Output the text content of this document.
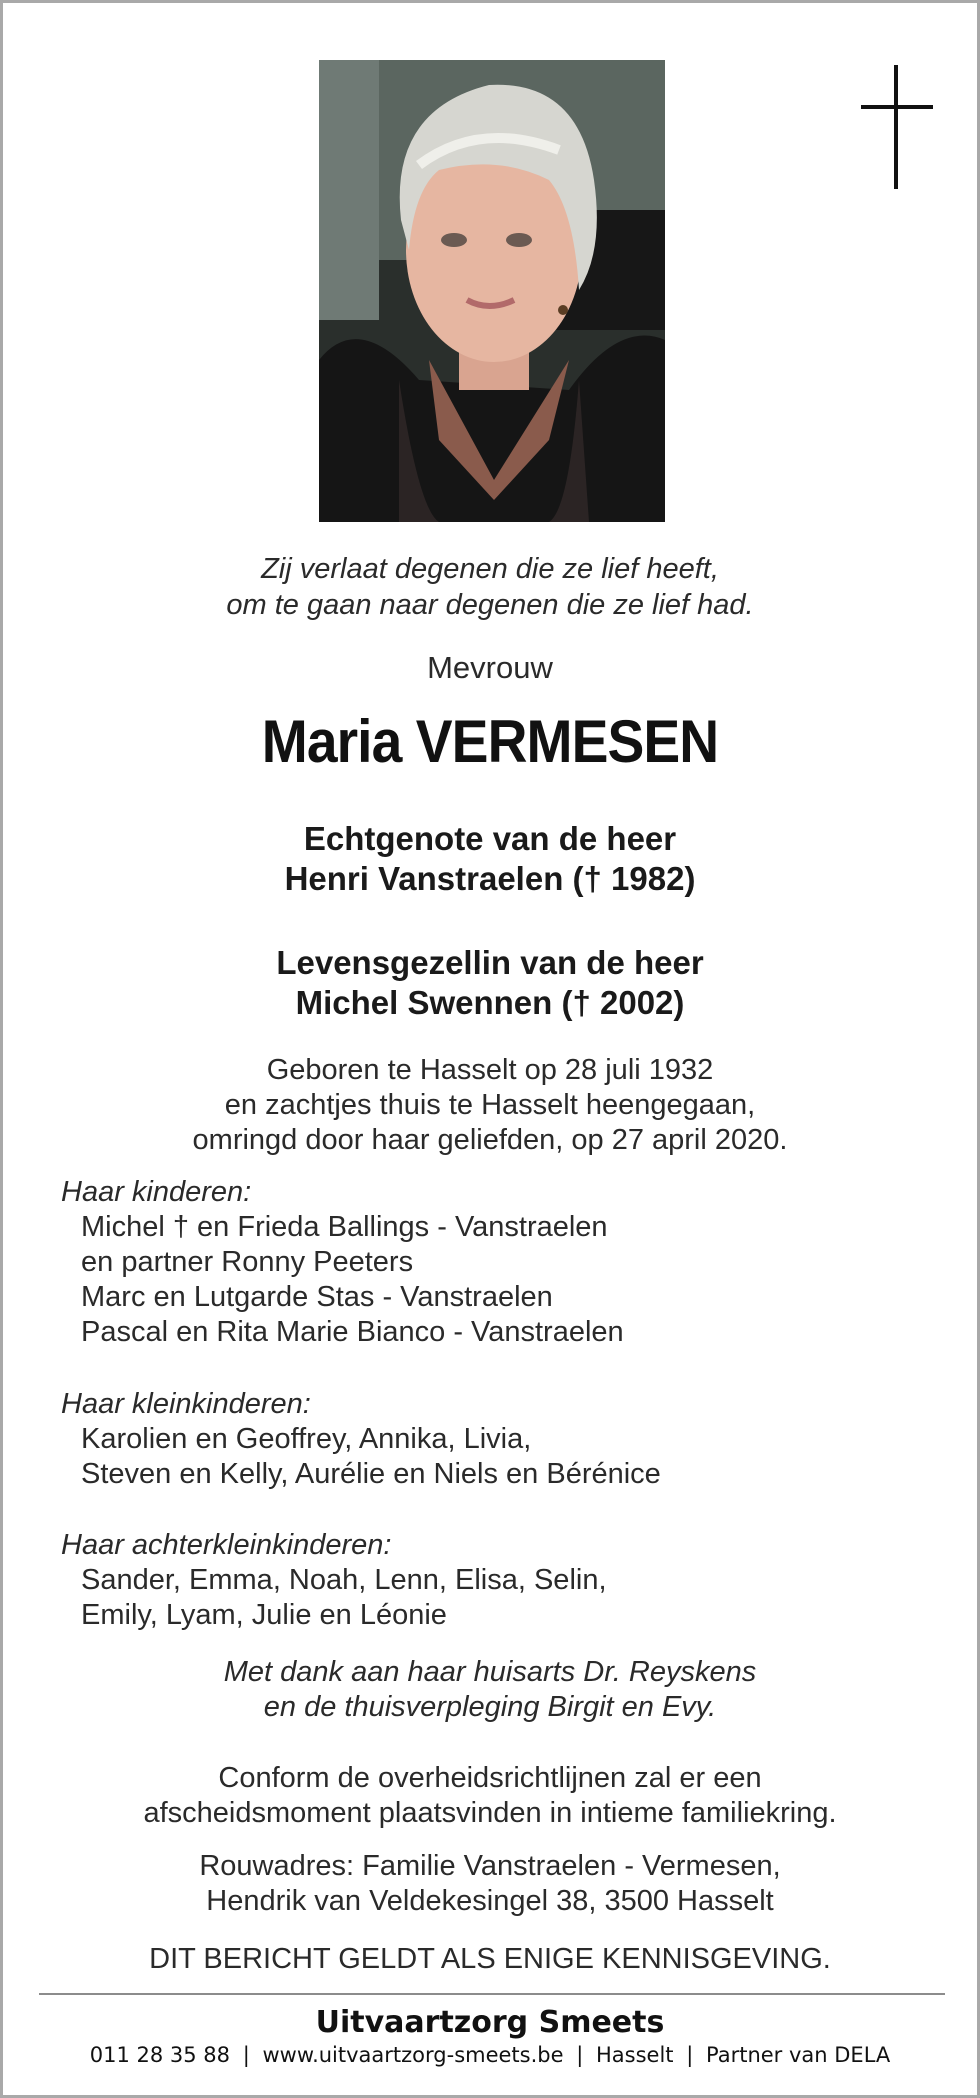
Zij verlaat degenen die ze lief heeft,
om te gaan naar degenen die ze lief had.
Mevrouw
Maria VERMESEN
Echtgenote van de heer
Henri Vanstraelen († 1982)
Levensgezellin van de heer
Michel Swennen († 2002)
Geboren te Hasselt op 28 juli 1932
en zachtjes thuis te Hasselt heengegaan,
omringd door haar geliefden, op 27 april 2020.
Haar kinderen:
Michel † en Frieda Ballings - Vanstraelen
en partner Ronny Peeters
Marc en Lutgarde Stas - Vanstraelen
Pascal en Rita Marie Bianco - Vanstraelen
Haar kleinkinderen:
Karolien en Geoffrey, Annika, Livia,
Steven en Kelly, Aurélie en Niels en Bérénice
Haar achterkleinkinderen:
Sander, Emma, Noah, Lenn, Elisa, Selin,
Emily, Lyam, Julie en Léonie
Met dank aan haar huisarts Dr. Reyskens
en de thuisverpleging Birgit en Evy.
Conform de overheidsrichtlijnen zal er een
afscheidsmoment plaatsvinden in intieme familiekring.
Rouwadres: Familie Vanstraelen - Vermesen,
Hendrik van Veldekesingel 38, 3500 Hasselt
DIT BERICHT GELDT ALS ENIGE KENNISGEVING.
Uitvaartzorg Smeets
011 28 35 88 | www.uitvaartzorg-smeets.be | Hasselt | Partner van DELA
